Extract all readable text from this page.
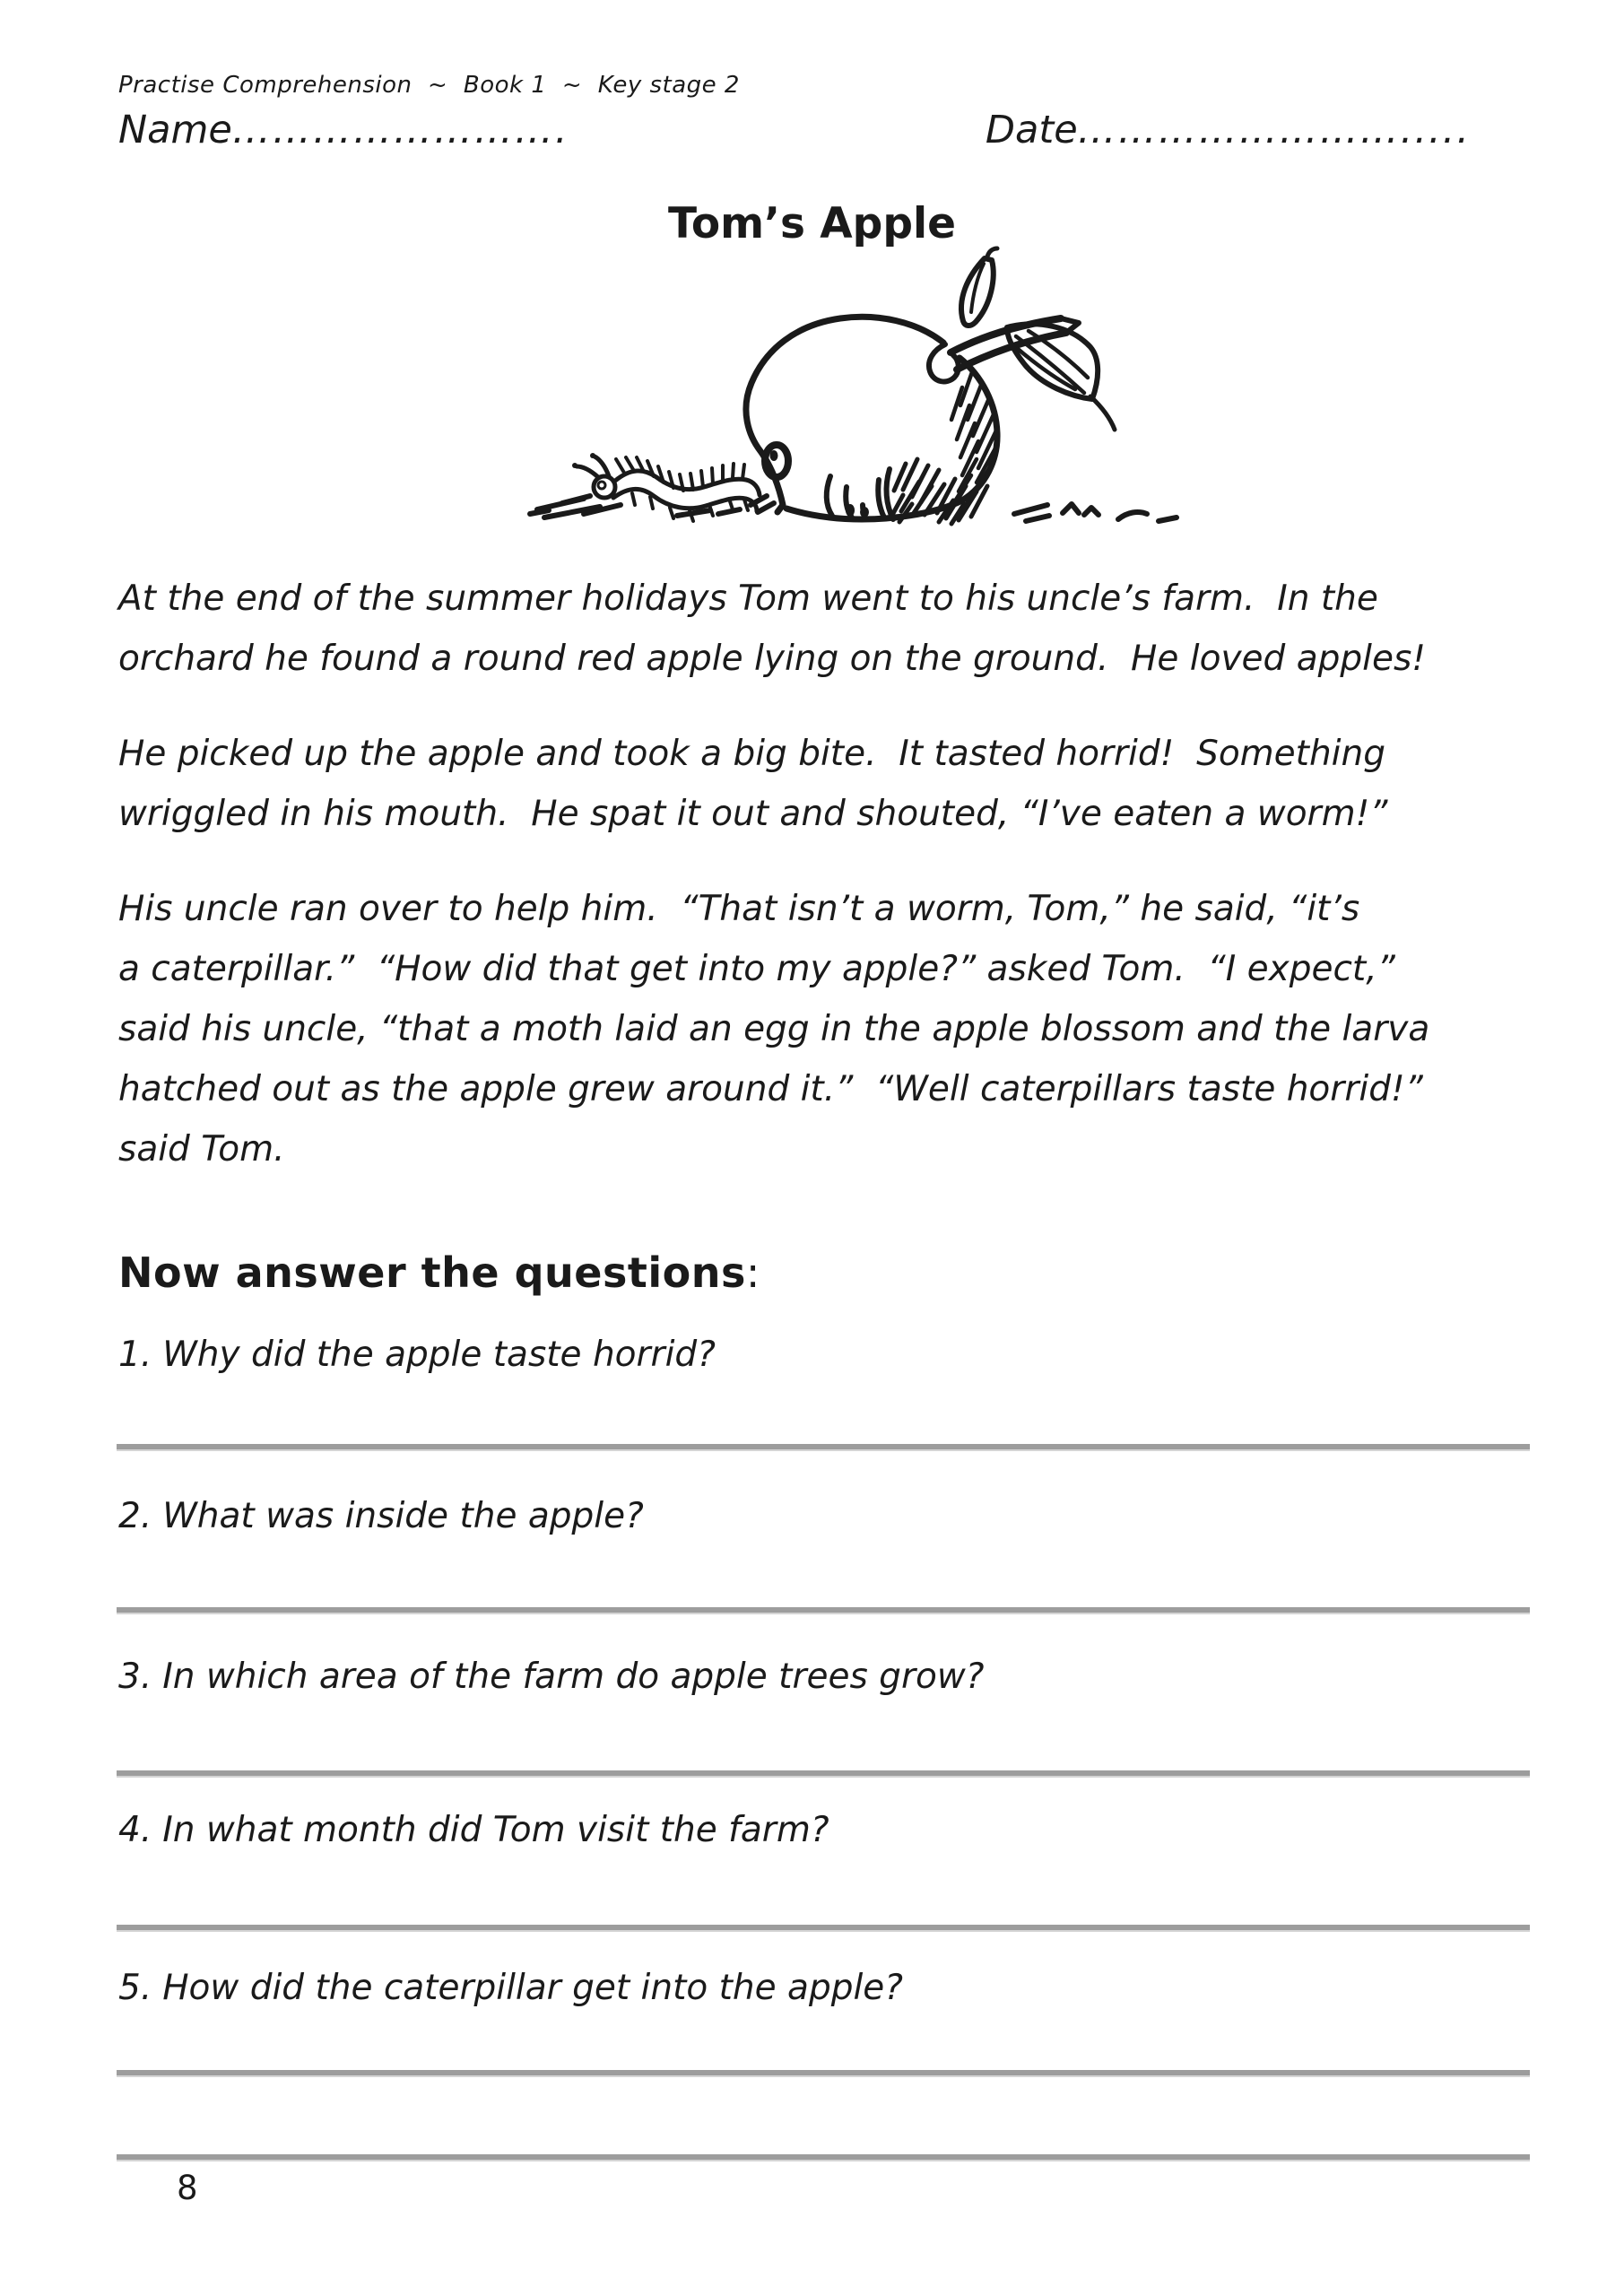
Practise Comprehension  ~  Book 1  ~  Key stage 2
Name…………………….	Date…………………….....
Tom’s Apple

At the end of the summer holidays Tom went to his uncle’s farm.  In the
orchard he found a round red apple lying on the ground.  He loved apples!

He picked up the apple and took a big bite.  It tasted horrid!  Something
wriggled in his mouth.  He spat it out and shouted, “I’ve eaten a worm!”

His uncle ran over to help him.  “That isn’t a worm, Tom,” he said, “it’s
a caterpillar.”  “How did that get into my apple?” asked Tom.  “I expect,”
said his uncle, “that a moth laid an egg in the apple blossom and the larva
hatched out as the apple grew around it.”  “Well caterpillars taste horrid!”
said Tom.

Now answer the questions:
1. Why did the apple taste horrid?
2. What was inside the apple?
3. In which area of the farm do apple trees grow?
4. In what month did Tom visit the farm?
5. How did the caterpillar get into the apple?
8
